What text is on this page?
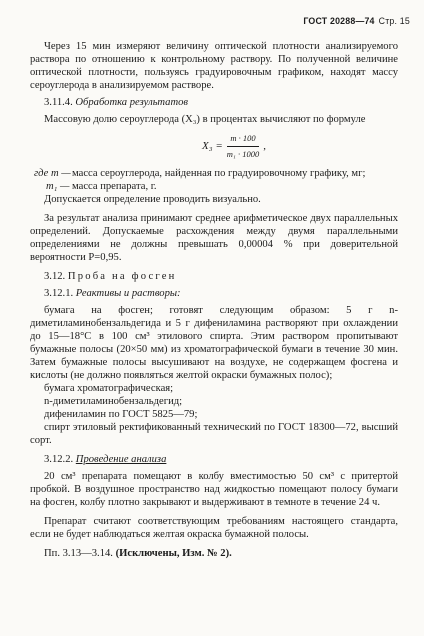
ГОСТ 20288—74 Стр. 15

Через 15 мин измеряют величину оптической плотности анализируемого раствора по отношению к контрольному раствору. По полученной величине оптической плотности, пользуясь градуировочным графиком, находят массу сероуглерода в анализируемом растворе.

3.11.4. Обработка результатов

Массовую долю сероуглерода (X₃) в процентах вычисляют по формуле

$X_3 = \frac{m \cdot 100}{\text{m₁ · 1000}}$ ,
где m — масса сероуглерода, найденная по градуировочному графику, мг;
m₁ — масса препарата, г.

Допускается определение проводить визуально.

За результат анализа принимают среднее арифметическое двух параллельных определений. Допускаемые расхождения между двумя параллельными определениями не должны превышать 0,00004 % при доверительной вероятности P=0,95.

3.12. Проба на фосген

3.12.1. Реактивы и растворы:

бумага на фосген; готовят следующим образом: 5 г n-диметиламинобензальдегида и 5 г дифениламина растворяют при охлаждении до 15—18°С в 100 см³ этилового спирта. Этим раствором пропитывают бумажные полосы (20×50 мм) из хроматографической бумаги в течение 30 мин. Затем бумажные полосы высушивают на воздухе, не содержащем фосгена и кислоты (не должно появляться желтой окраски бумажных полос);

бумага хроматографическая;

n-диметиламинобензальдегид;

дифениламин по ГОСТ 5825—79;

спирт этиловый ректификованный технический по ГОСТ 18300—72, высший сорт.

3.12.2. Проведение анализа

20 см³ препарата помещают в колбу вместимостью 50 см³ с притертой пробкой. В воздушное пространство над жидкостью помещают полосу бумаги на фосген, колбу плотно закрывают и выдерживают в темноте в течение 24 ч.

Препарат считают соответствующим требованиям настоящего стандарта, если не будет наблюдаться желтая окраска бумажной полосы.

Пп. 3.13—3.14. (Исключены, Изм. № 2).
